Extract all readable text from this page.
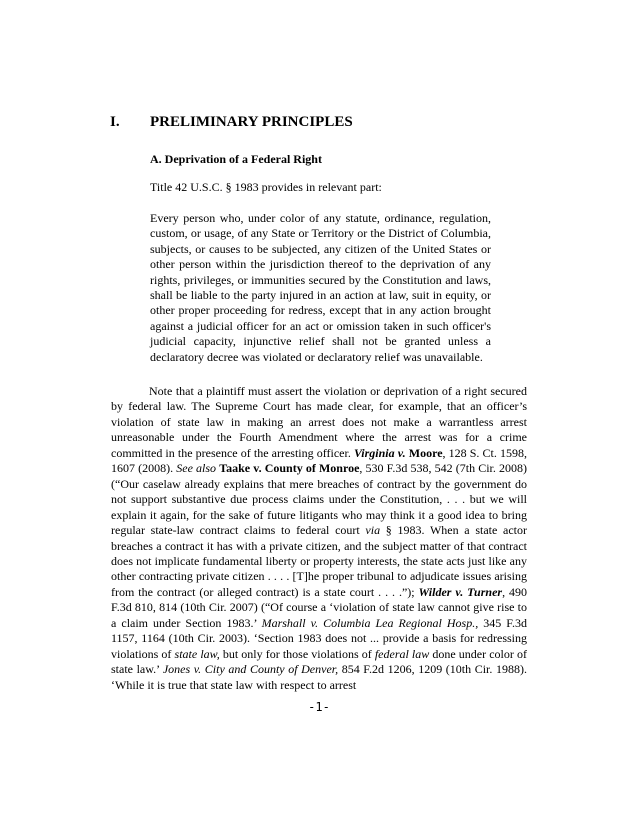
I. PRELIMINARY PRINCIPLES
A. Deprivation of a Federal Right
Title 42 U.S.C. § 1983 provides in relevant part:

Every person who, under color of any statute, ordinance, regulation, custom, or usage, of any State or Territory or the District of Columbia, subjects, or causes to be subjected, any citizen of the United States or other person within the jurisdiction thereof to the deprivation of any rights, privileges, or immunities secured by the Constitution and laws, shall be liable to the party injured in an action at law, suit in equity, or other proper proceeding for redress, except that in any action brought against a judicial officer for an act or omission taken in such officer's judicial capacity, injunctive relief shall not be granted unless a declaratory decree was violated or declaratory relief was unavailable.

Note that a plaintiff must assert the violation or deprivation of a right secured by federal law. The Supreme Court has made clear, for example, that an officer’s violation of state law in making an arrest does not make a warrantless arrest unreasonable under the Fourth Amendment where the arrest was for a crime committed in the presence of the arresting officer. Virginia v. Moore, 128 S. Ct. 1598, 1607 (2008). See also Taake v. County of Monroe, 530 F.3d 538, 542 (7th Cir. 2008) (“Our caselaw already explains that mere breaches of contract by the government do not support substantive due process claims under the Constitution, . . . but we will explain it again, for the sake of future litigants who may think it a good idea to bring regular state-law contract claims to federal court via § 1983. When a state actor breaches a contract it has with a private citizen, and the subject matter of that contract does not implicate fundamental liberty or property interests, the state acts just like any other contracting private citizen . . . . [T]he proper tribunal to adjudicate issues arising from the contract (or alleged contract) is a state court . . . .”); Wilder v. Turner, 490 F.3d 810, 814 (10th Cir. 2007) (“Of course a ‘violation of state law cannot give rise to a claim under Section 1983.’ Marshall v. Columbia Lea Regional Hosp., 345 F.3d 1157, 1164 (10th Cir. 2003). ‘Section 1983 does not ... provide a basis for redressing violations of state law, but only for those violations of federal law done under color of state law.’ Jones v. City and County of Denver, 854 F.2d 1206, 1209 (10th Cir. 1988). ‘While it is true that state law with respect to arrest

-1-
